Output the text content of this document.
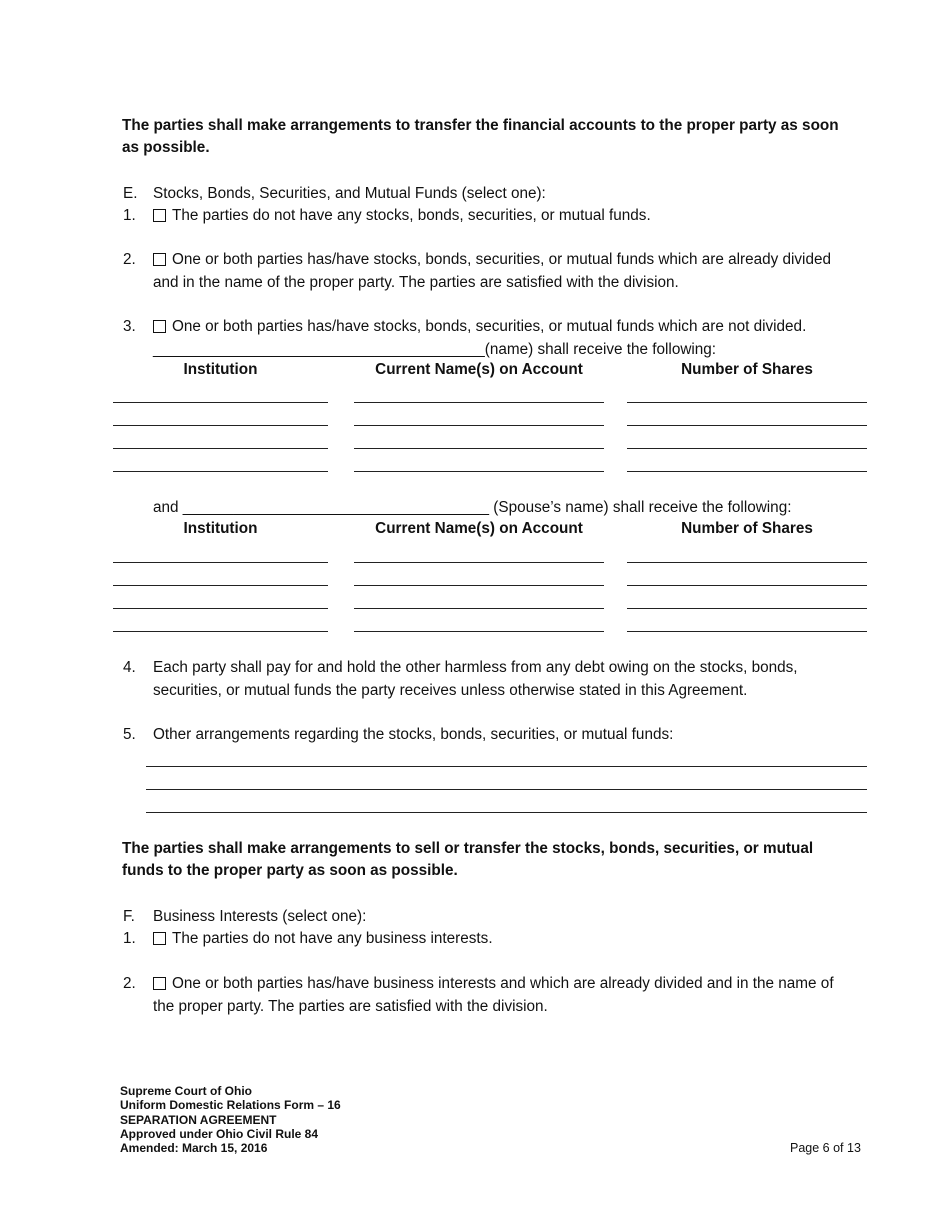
The parties shall make arrangements to transfer the financial accounts to the proper party as soon as possible.
E. Stocks, Bonds, Securities, and Mutual Funds (select one):
1.	The parties do not have any stocks, bonds, securities, or mutual funds.
2.	One or both parties has/have stocks, bonds, securities, or mutual funds which are already divided
and in the name of the proper party. The parties are satisfied with the division.
3.	One or both parties has/have stocks, bonds, securities, or mutual funds which are not divided.
_______________________________________(name) shall receive the following:
Institution	Current Name(s) on Account	Number of Shares
and ____________________________________ (Spouse’s name) shall receive the following:
Institution	Current Name(s) on Account	Number of Shares
4. Each party shall pay for and hold the other harmless from any debt owing on the stocks, bonds,
securities, or mutual funds the party receives unless otherwise stated in this Agreement.
5. Other arrangements regarding the stocks, bonds, securities, or mutual funds:
The parties shall make arrangements to sell or transfer the stocks, bonds, securities, or mutual funds to the proper party as soon as possible.
F. Business Interests (select one):
1.	The parties do not have any business interests.
2.	One or both parties has/have business interests and which are already divided and in the name of
the proper party. The parties are satisfied with the division.
Supreme Court of Ohio
Uniform Domestic Relations Form – 16
SEPARATION AGREEMENT
Approved under Ohio Civil Rule 84
Amended: March 15, 2016	Page 6 of 13
